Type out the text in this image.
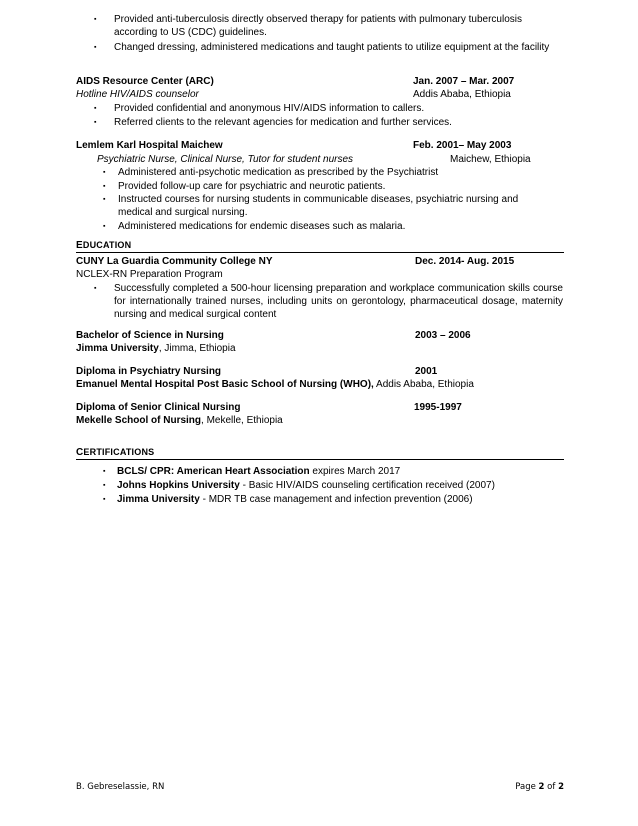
▪ Provided anti-tuberculosis directly observed therapy for patients with pulmonary tuberculosis
according to US (CDC) guidelines.
▪ Changed dressing, administered medications and taught patients to utilize equipment at the facility
AIDS Resource Center (ARC)	Jan. 2007 – Mar. 2007
Hotline HIV/AIDS counselor	Addis Ababa, Ethiopia
▪ Provided confidential and anonymous HIV/AIDS information to callers.
▪ Referred clients to the relevant agencies for medication and further services.
Lemlem Karl Hospital Maichew	Feb. 2001– May 2003
Psychiatric Nurse, Clinical Nurse, Tutor for student nurses	Maichew, Ethiopia
▪ Administered anti-psychotic medication as prescribed by the Psychiatrist
▪ Provided follow-up care for psychiatric and neurotic patients.
▪ Instructed courses for nursing students in communicable diseases, psychiatric nursing and
medical and surgical nursing.
▪ Administered medications for endemic diseases such as malaria.
EDUCATION
CUNY La Guardia Community College NY	Dec. 2014- Aug. 2015
NCLEX-RN Preparation Program
▪ Successfully completed a 500-hour licensing preparation and workplace communication skills course for internationally trained nurses, including units on gerontology, pharmaceutical dosage, maternity nursing and medical surgical content
Bachelor of Science in Nursing	2003 – 2006
Jimma University, Jimma, Ethiopia
Diploma in Psychiatry Nursing	2001
Emanuel Mental Hospital Post Basic School of Nursing (WHO), Addis Ababa, Ethiopia
Diploma of Senior Clinical Nursing	1995-1997
Mekelle School of Nursing, Mekelle, Ethiopia
CERTIFICATIONS
▪ BCLS/ CPR: American Heart Association expires March 2017
▪ Johns Hopkins University - Basic HIV/AIDS counseling certification received (2007)
▪ Jimma University - MDR TB case management and infection prevention (2006)
B. Gebreselassie, RN	Page 2 of 2
